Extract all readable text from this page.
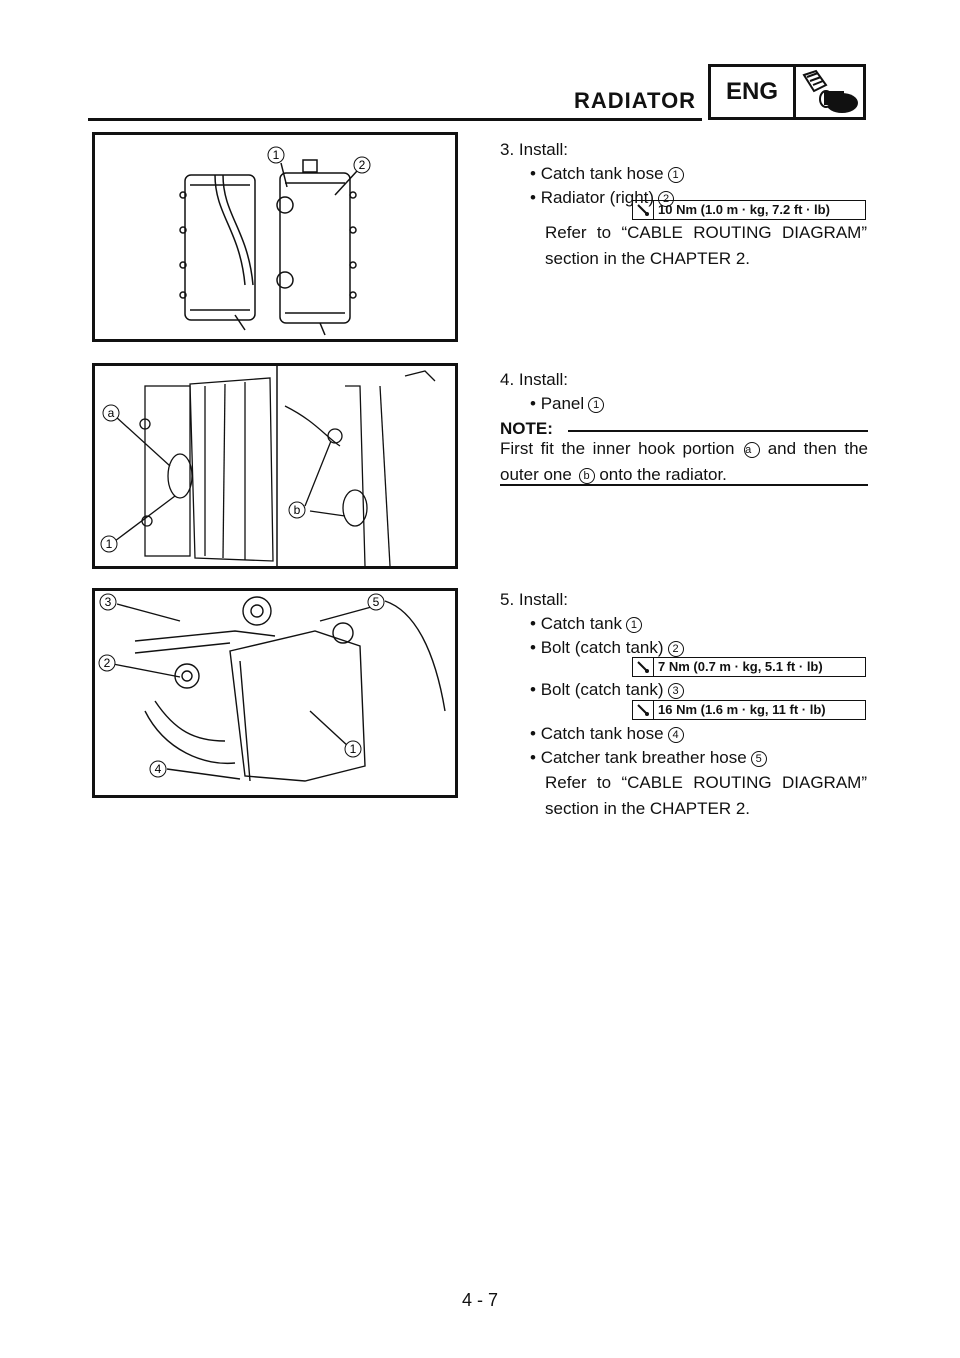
RADIATOR	ENG
1
2
3. Install:
• Catch tank hose 1
• Radiator (right) 2
10 Nm (1.0 m · kg, 7.2 ft · lb)
Refer to “CABLE ROUTING DIAGRAM”
section in the CHAPTER 2.
a
1
b
4. Install:
• Panel 1
NOTE:
First fit the inner hook portion a and then the
outer one b onto the radiator.
3	5
2
1
4
5. Install:
• Catch tank 1
• Bolt (catch tank) 2
7 Nm (0.7 m · kg, 5.1 ft · lb)
• Bolt (catch tank) 3
16 Nm (1.6 m · kg, 11 ft · lb)
• Catch tank hose 4
• Catcher tank breather hose 5
Refer to “CABLE ROUTING DIAGRAM”
section in the CHAPTER 2.
4 - 7
